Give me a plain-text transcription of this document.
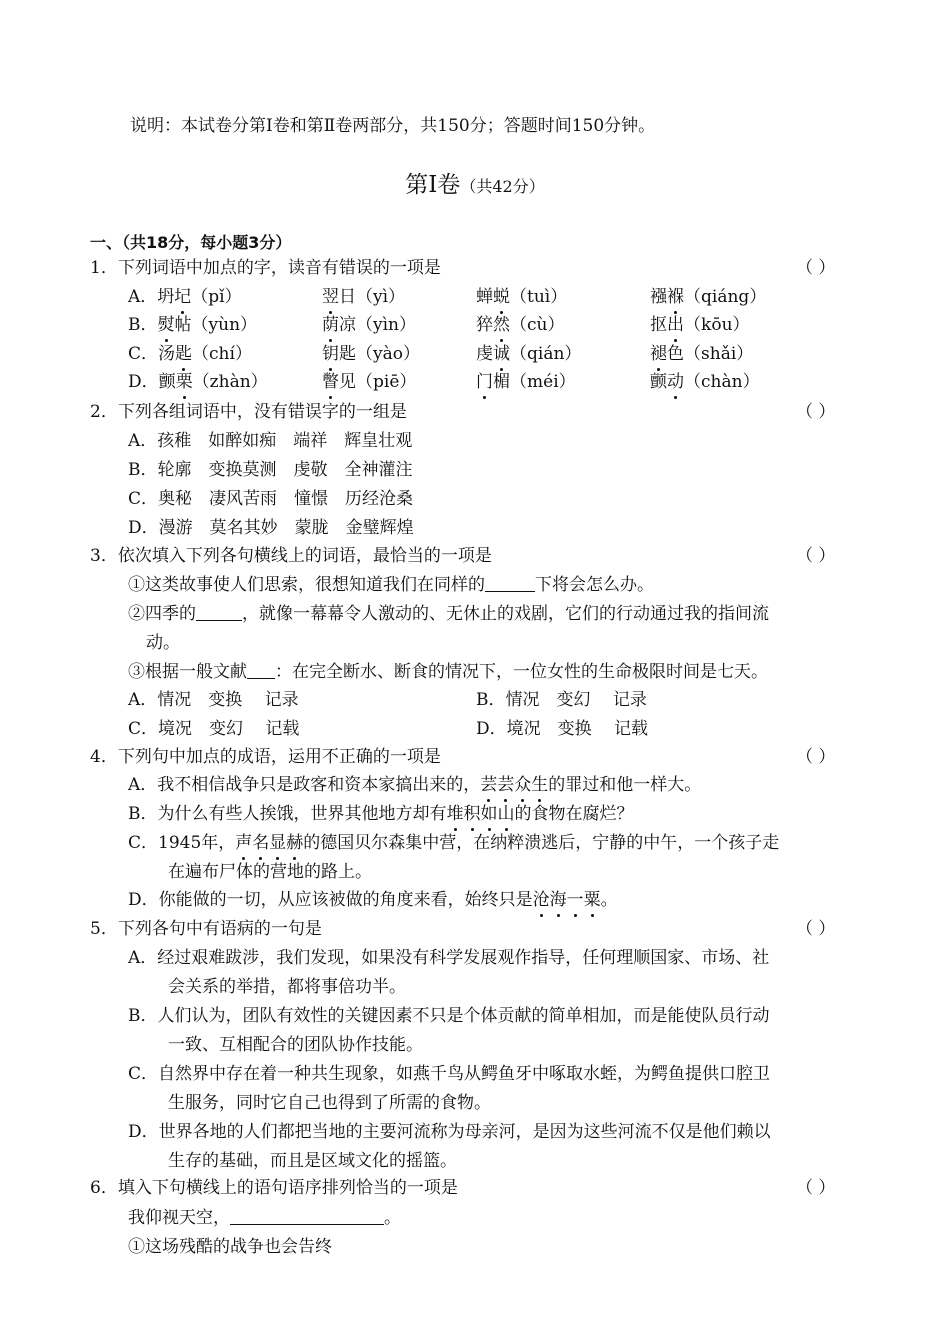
说明：本试卷分第Ⅰ卷和第Ⅱ卷两部分，共150分；答题时间150分钟。
第Ⅰ卷（共42分）
一、（共18分，每小题3分）
1．下列词语中加点的字，读音有错误的一项是	（ ）
A．坍圮（pǐ）	翌日（yì）	蝉蜕（tuì）	襁褓（qiáng）
B．熨帖（yùn）	荫凉（yìn）	猝然（cù）	抠出（kōu）
C．汤匙（chí）	钥匙（yào）	虔诚（qián）	褪色（shǎi）
D．颤栗（zhàn）	瞥见（piē）	门楣（méi）	颤动（chàn）
2．下列各组词语中，没有错误字的一组是	（ ）
A．孩稚　如醉如痴　端祥　辉皇壮观
B．轮廓　变换莫测　虔敬　全神灌注
C．奥秘　凄风苦雨　憧憬　历经沧桑
D．漫游　莫名其妙　蒙胧　金璧辉煌
3．依次填入下列各句横线上的词语，最恰当的一项是	（ ）
①这类故事使人们思索，很想知道我们在同样的	下将会怎么办。
②四季的	，就像一幕幕令人激动的、无休止的戏剧，它们的行动通过我的指间流
动。
③根据一般文献 ：在完全断水、断食的情况下，一位女性的生命极限时间是七天。
A．情况　变换　 记录	B．情况　变幻　 记录
C．境况　变幻　 记载	D．境况　变换　 记载
4．下列句中加点的成语，运用不正确的一项是	（ ）
A．我不相信战争只是政客和资本家搞出来的，芸芸众生的罪过和他一样大。
B．为什么有些人挨饿，世界其他地方却有堆积如山的食物在腐烂？
C．1945年，声名显赫的德国贝尔森集中营，在纳粹溃逃后，宁静的中午，一个孩子走
在遍布尸体的营地的路上。
D．你能做的一切，从应该被做的角度来看，始终只是沧海一粟。
5．下列各句中有语病的一句是	（ ）
A．经过艰难跋涉，我们发现，如果没有科学发展观作指导，任何理顺国家、市场、社
会关系的举措，都将事倍功半。
B．人们认为，团队有效性的关键因素不只是个体贡献的简单相加，而是能使队员行动
一致、互相配合的团队协作技能。
C．自然界中存在着一种共生现象，如燕千鸟从鳄鱼牙中啄取水蛭，为鳄鱼提供口腔卫
生服务，同时它自己也得到了所需的食物。
D．世界各地的人们都把当地的主要河流称为母亲河，是因为这些河流不仅是他们赖以
生存的基础，而且是区域文化的摇篮。
6．填入下句横线上的语句语序排列恰当的一项是	（ ）
我仰视天空，	。
①这场残酷的战争也会告终
